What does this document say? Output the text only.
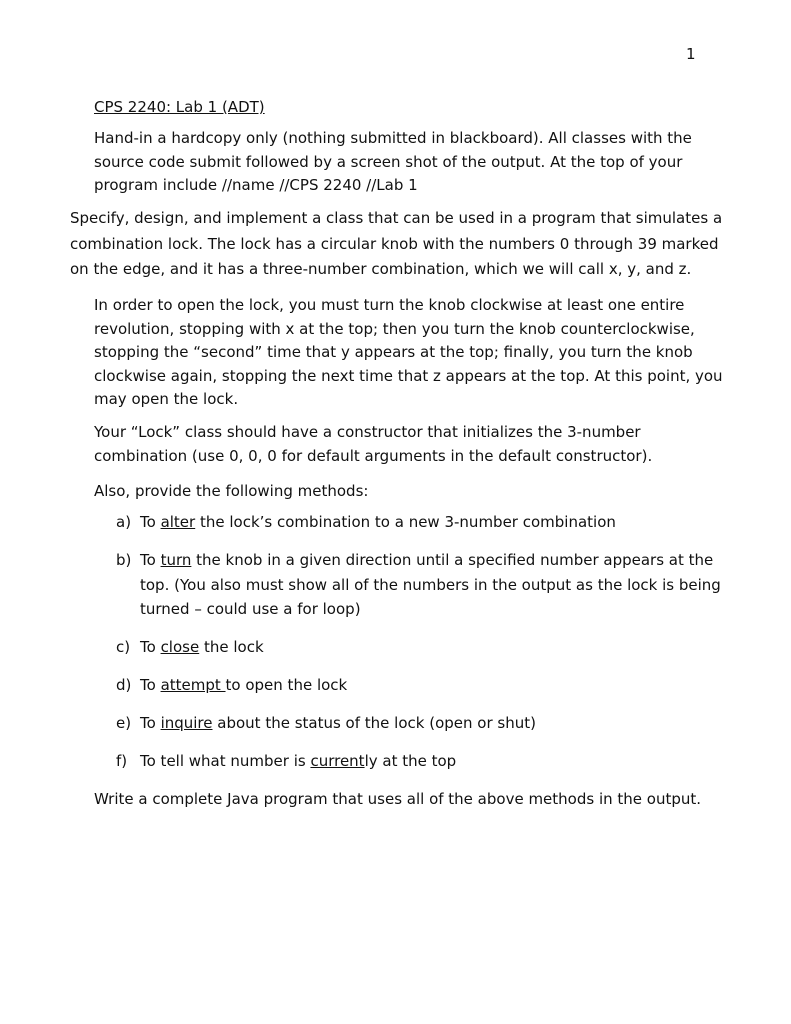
1
CPS 2240: Lab 1 (ADT)
Hand-in a hardcopy only (nothing submitted in blackboard). All classes with the
source code submit followed by a screen shot of the output. At the top of your
program include //name //CPS 2240 //Lab 1
Specify, design, and implement a class that can be used in a program that simulates a
combination lock. The lock has a circular knob with the numbers 0 through 39 marked
on the edge, and it has a three-number combination, which we will call x, y, and z.
In order to open the lock, you must turn the knob clockwise at least one entire
revolution, stopping with x at the top; then you turn the knob counterclockwise,
stopping the “second” time that y appears at the top; finally, you turn the knob
clockwise again, stopping the next time that z appears at the top. At this point, you
may open the lock.
Your “Lock” class should have a constructor that initializes the 3-number
combination (use 0, 0, 0 for default arguments in the default constructor).
Also, provide the following methods:
a) To alter the lock’s combination to a new 3-number combination
b) To turn the knob in a given direction until a specified number appears at the
top. (You also must show all of the numbers in the output as the lock is being
turned – could use a for loop)
c) To close the lock
d) To attempt to open the lock
e) To inquire about the status of the lock (open or shut)
f) To tell what number is currently at the top
Write a complete Java program that uses all of the above methods in the output.
